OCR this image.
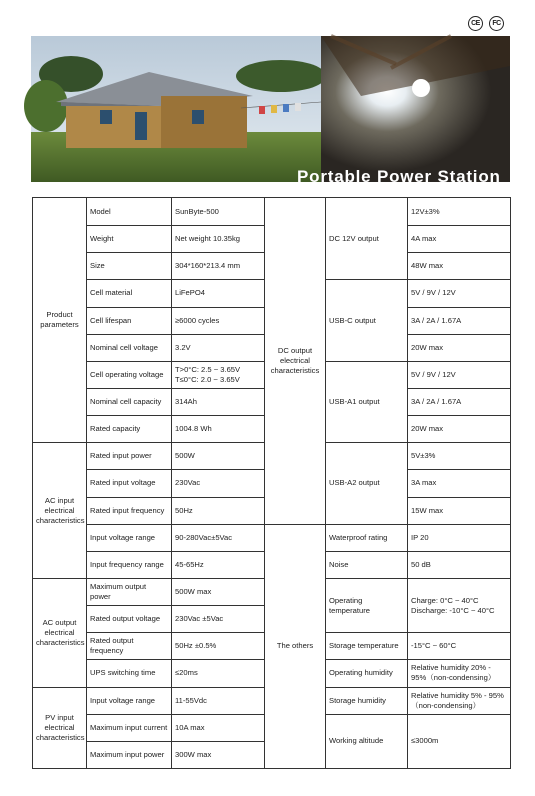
CE	FC
Portable Power Station
Where You Are Where Power Is
Product parameters	Model	SunByte-500	DC output electrical characteristics	DC 12V output	12V±3%
	Weight	Net weight 10.35kg			4A max
	Size	304*160*213.4 mm			48W max
	Cell material	LiFePO4		USB-C output	5V / 9V / 12V
	Cell lifespan	≥6000 cycles			3A / 2A / 1.67A
	Nominal cell voltage	3.2V			20W max
	Cell operating voltage	T>0°C: 2.5 ~ 3.65V
T≤0°C: 2.0 ~ 3.65V		USB-A1 output	5V / 9V / 12V
	Nominal cell capacity	314Ah			3A / 2A / 1.67A
	Rated capacity	1004.8 Wh			20W max
AC input electrical characteristics	Rated input power	500W		USB-A2 output	5V±3%
	Rated input voltage	230Vac			3A max
	Rated input frequency	50Hz			15W max
	Input voltage range	90-280Vac±5Vac	The others	Waterproof rating	IP 20
	Input frequency range	45-65Hz		Noise	50 dB
AC output electrical characteristics	Maximum output power	500W max		Operating temperature	Charge: 0°C ~ 40°C
Discharge: -10°C ~ 40°C

	Rated output voltage	230Vac ±5Vac			
	Rated output frequency	50Hz ±0.5%		Storage temperature	-15°C ~ 60°C
	UPS switching time	≤20ms		Operating humidity	Relative humidity 20% - 95%（non-condensing）
PV input electrical characteristics	Input voltage range	11-55Vdc		Storage humidity	Relative humidity 5% - 95%（non-condensing）
	Maximum input current	10A max		Working altitude	≤3000m
	Maximum input power	300W max			
